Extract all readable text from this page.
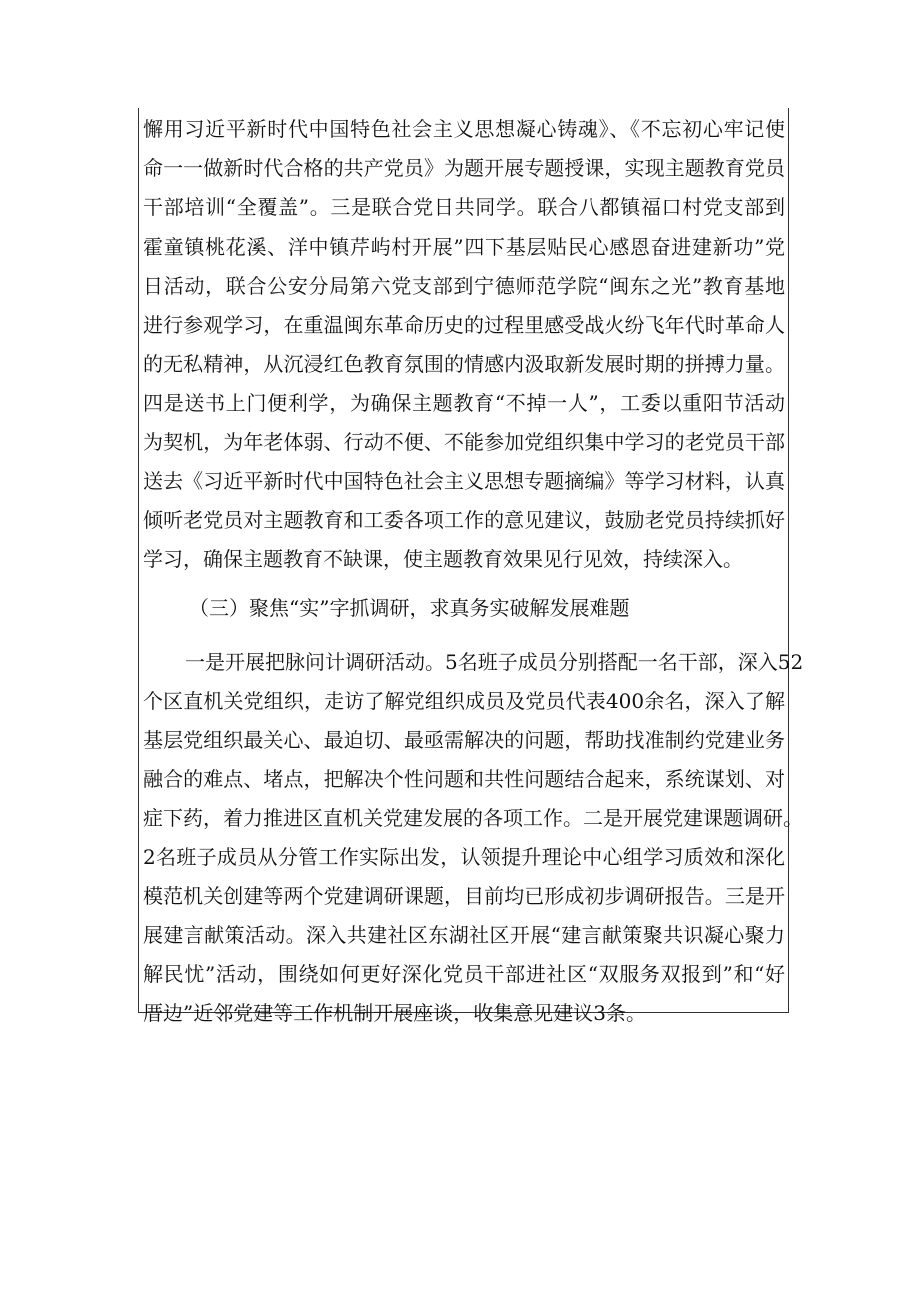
懈用习近平新时代中国特色社会主义思想凝心铸魂》、《不忘初心牢记使
命一一做新时代合格的共产党员》为题开展专题授课，实现主题教育党员
干部培训“全覆盖”。三是联合党日共同学。联合八都镇福口村党支部到
霍童镇桃花溪、洋中镇芹屿村开展”四下基层贴民心感恩奋进建新功”党
日活动，联合公安分局第六党支部到宁德师范学院“闽东之光”教育基地
进行参观学习，在重温闽东革命历史的过程里感受战火纷飞年代时革命人
的无私精神，从沉浸红色教育氛围的情感内汲取新发展时期的拼搏力量。
四是送书上门便利学，为确保主题教育“不掉一人”，工委以重阳节活动
为契机，为年老体弱、行动不便、不能参加党组织集中学习的老党员干部
送去《习近平新时代中国特色社会主义思想专题摘编》等学习材料，认真
倾听老党员对主题教育和工委各项工作的意见建议，鼓励老党员持续抓好
学习，确保主题教育不缺课，使主题教育效果见行见效，持续深入。
（三）聚焦“实”字抓调研，求真务实破解发展难题
一是开展把脉问计调研活动。5名班子成员分别搭配一名干部，深入52
个区直机关党组织，走访了解党组织成员及党员代表400余名，深入了解
基层党组织最关心、最迫切、最亟需解决的问题，帮助找准制约党建业务
融合的难点、堵点，把解决个性问题和共性问题结合起来，系统谋划、对
症下药，着力推进区直机关党建发展的各项工作。二是开展党建课题调研。
2名班子成员从分管工作实际出发，认领提升理论中心组学习质效和深化
模范机关创建等两个党建调研课题，目前均已形成初步调研报告。三是开
展建言献策活动。深入共建社区东湖社区开展“建言献策聚共识凝心聚力
解民忧”活动，围绕如何更好深化党员干部进社区“双服务双报到”和“好
厝边”近邻党建等工作机制开展座谈，收集意见建议3条。
